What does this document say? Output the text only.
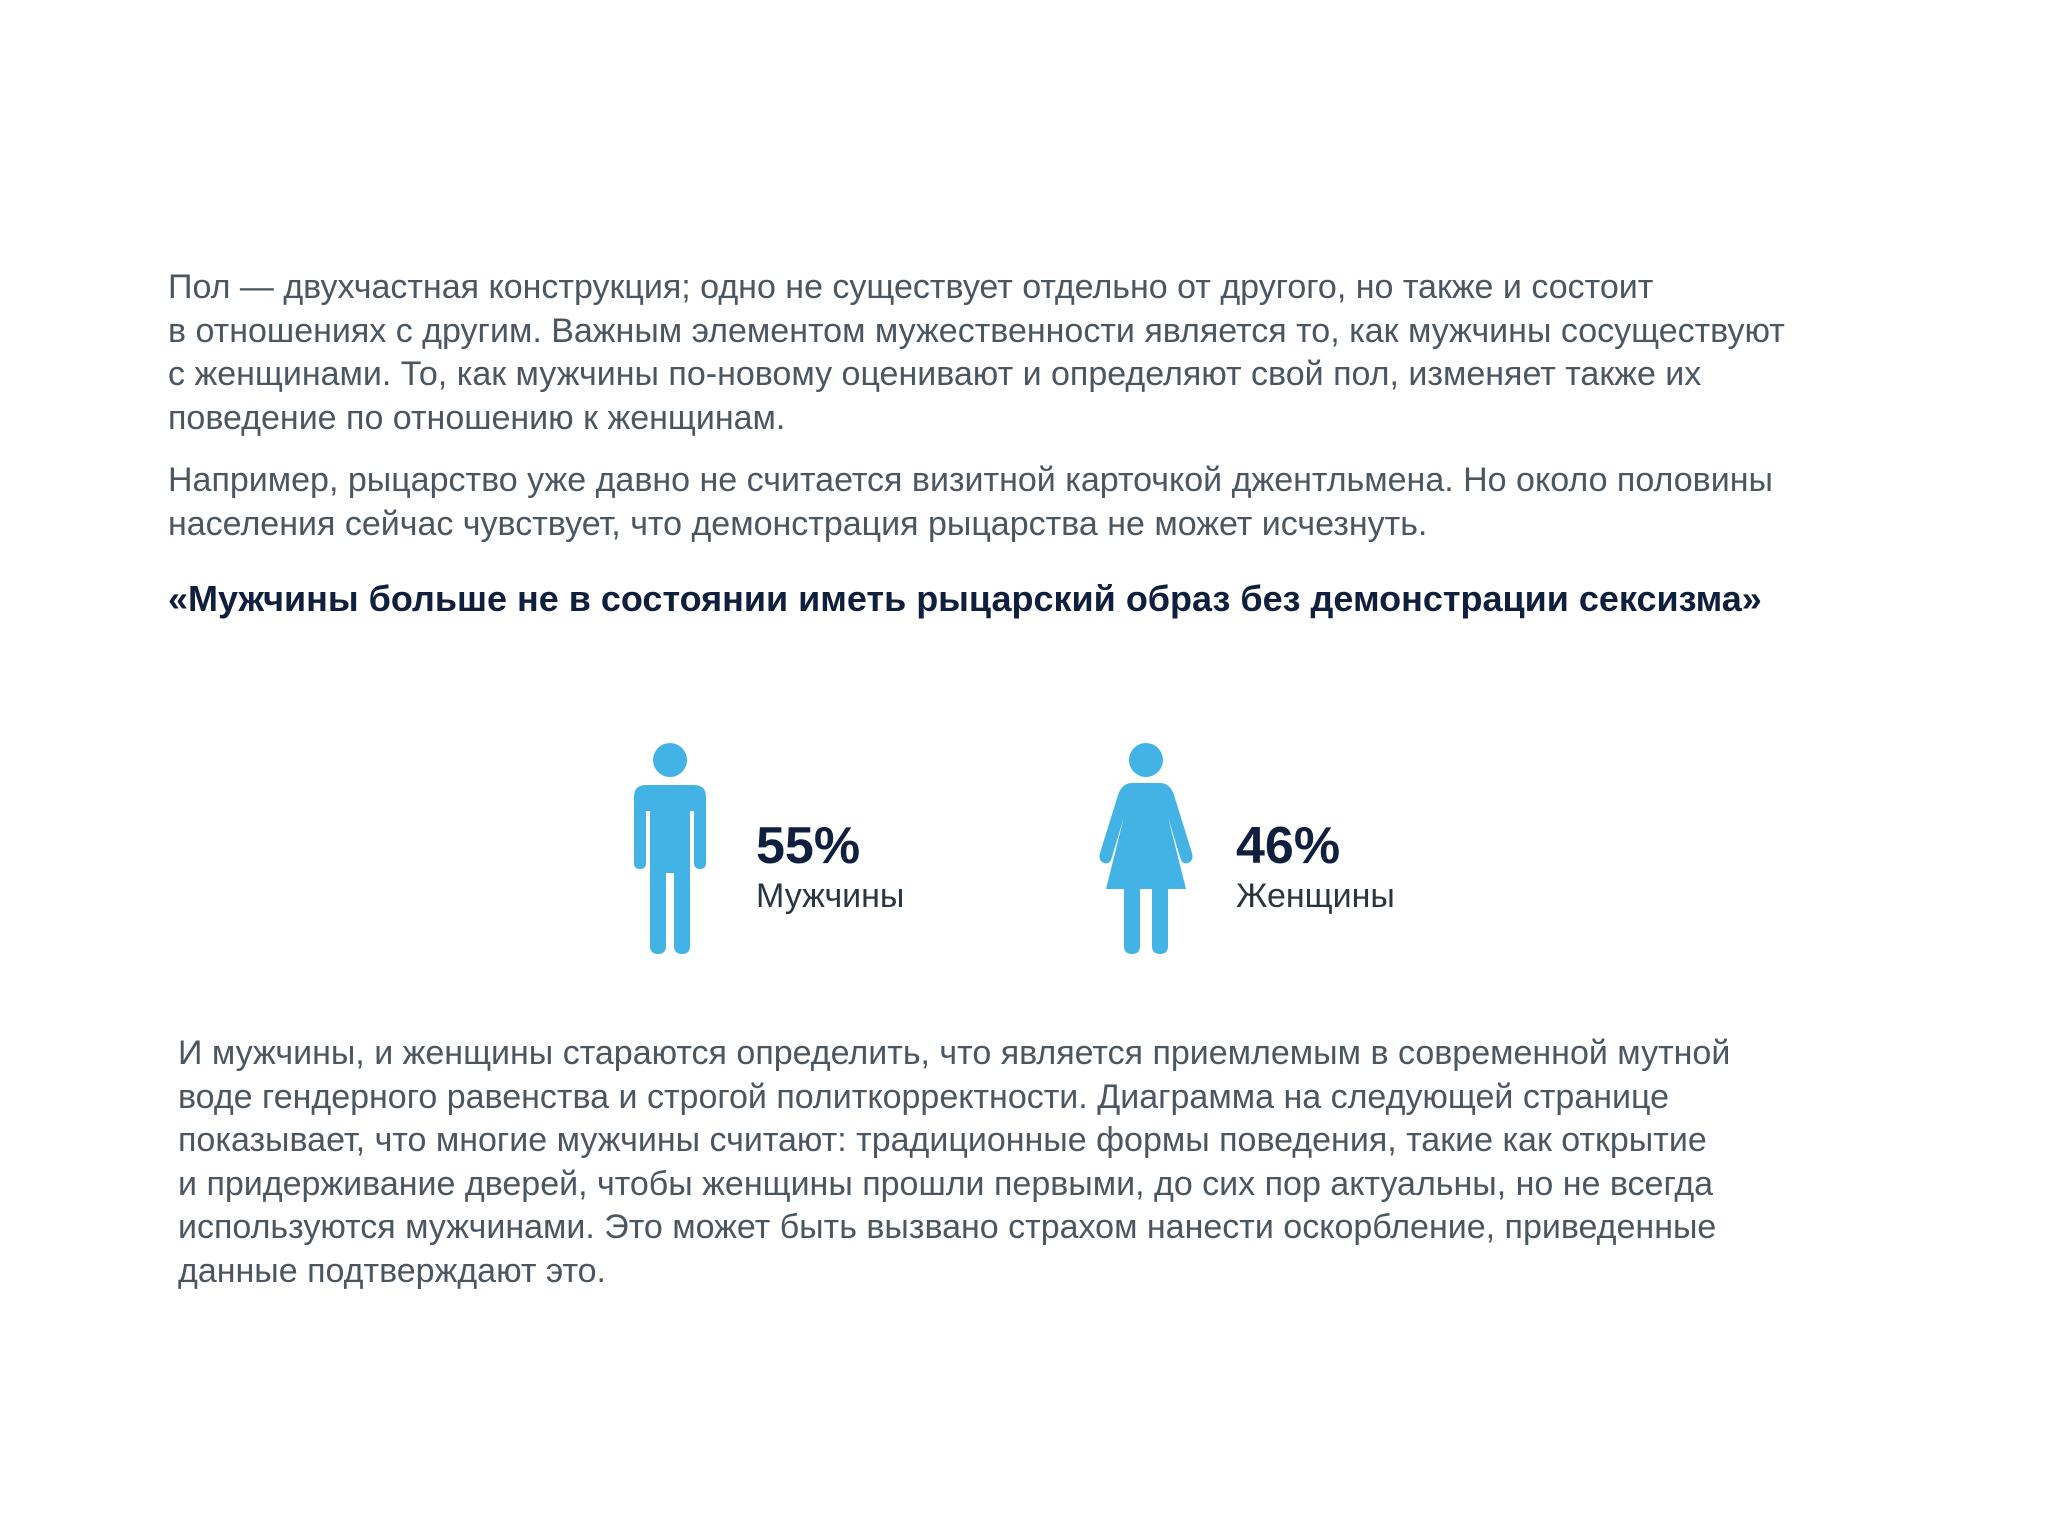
Пол — двухчастная конструкция; одно не существует отдельно от другого, но также и состоит
в отношениях с другим. Важным элементом мужественности является то, как мужчины сосуществуют
с женщинами. То, как мужчины по-новому оценивают и определяют свой пол, изменяет также их
поведение по отношению к женщинам.

Например, рыцарство уже давно не считается визитной карточкой джентльмена. Но около половины
населения сейчас чувствует, что демонстрация рыцарства не может исчезнуть.

«Мужчины больше не в состоянии иметь рыцарский образ без демонстрации сексизма»

55%
Мужчины
46%
Женщины

И мужчины, и женщины стараются определить, что является приемлемым в современной мутной
воде гендерного равенства и строгой политкорректности. Диаграмма на следующей странице
показывает, что многие мужчины считают: традиционные формы поведения, такие как открытие
и придерживание дверей, чтобы женщины прошли первыми, до сих пор актуальны, но не всегда
используются мужчинами. Это может быть вызвано страхом нанести оскорбление, приведенные
данные подтверждают это.
